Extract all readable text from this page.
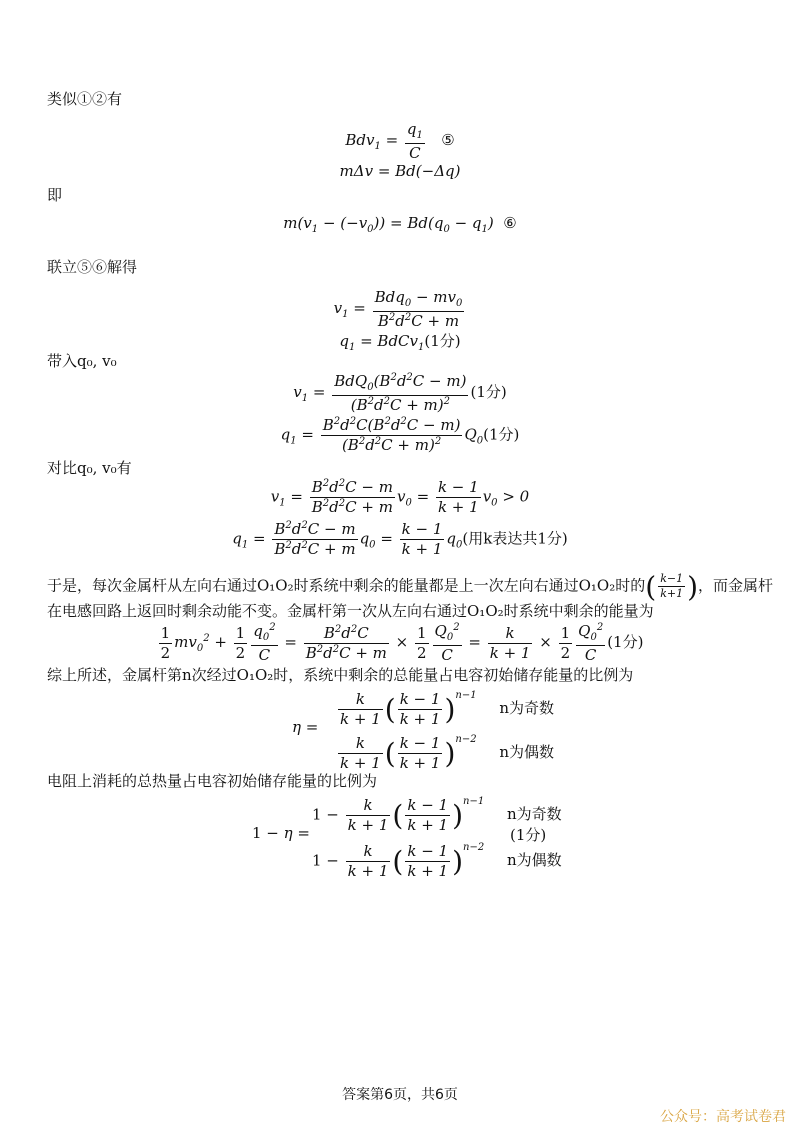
类似①②有
$Bdv_1 = \frac{q_1}{C}$ ⑤
mΔv = Bd(−Δq)
即
$m(v_1 - (-v_0)) = Bd(q_0 - q_1)$  ⑥
联立⑤⑥解得
$v_1 = \frac{Bdq_0 - mv_0}{B^2d^2C + m}$
$q_1$ = BdCv$_1$(1分)
带入q₀, v₀
$v_1 = \frac{BdQ_0(B^2d^2C - m)}{(B^2d^2C + m)^2} (1$分)
$q_1 = \frac{B^2d^2C(B^2d^2C - m)}{(B^2d^2C + m)^2} Q_0(1$分)
对比q₀, v₀有
$v_1 = \frac{B^2d^2C - m}{B^2d^2C + m} v_0 = \frac{k - 1}{k + 1} v_0 > 0$
$q_1 = \frac{B^2d^2C - m}{B^2d^2C + m} q_0 = \frac{k - 1}{k + 1} q_0$(用k表达共1分)
于是，每次金属杆从左向右通过O₁O₂时系统中剩余的能量都是上一次左向右通过O₁O₂时的( $\frac{k-1}{k+1}$ )，而金属杆
在电感回路上返回时剩余动能不变。金属杆第一次从左向右通过O₁O₂时系统中剩余的能量为
$\frac{1}{2} mv_0^2 + \frac{1}{2} \frac{q_0^2}{C} = \frac{B^2d^2C}{B^2d^2C + m} \times \frac{1}{2} \frac{Q_0^2}{C} = \frac{k}{k + 1} \times \frac{1}{2} \frac{Q_0^2}{C} (1$分)
综上所述，金属杆第n次经过O₁O₂时，系统中剩余的总能量占电容初始储存能量的比例为
$\eta = \frac{k}{k + 1}$ ( $\frac{k - 1}{k + 1} )^{n-1}$ n为奇数
$\frac{k}{k + 1}$ ( $\frac{k - 1}{k + 1} )^{n-2}$ n为偶数
电阻上消耗的总热量占电容初始储存能量的比例为
1 − η =
$1 - \frac{k}{k + 1}$ ( $\frac{k - 1}{k + 1} )^{n-1}$ n为奇数
$1 - \frac{k}{k + 1}$ ( $\frac{k - 1}{k + 1} )^{n-2}$ n为偶数
(1分)
答案第6页，共6页
公众号：高考试卷君
